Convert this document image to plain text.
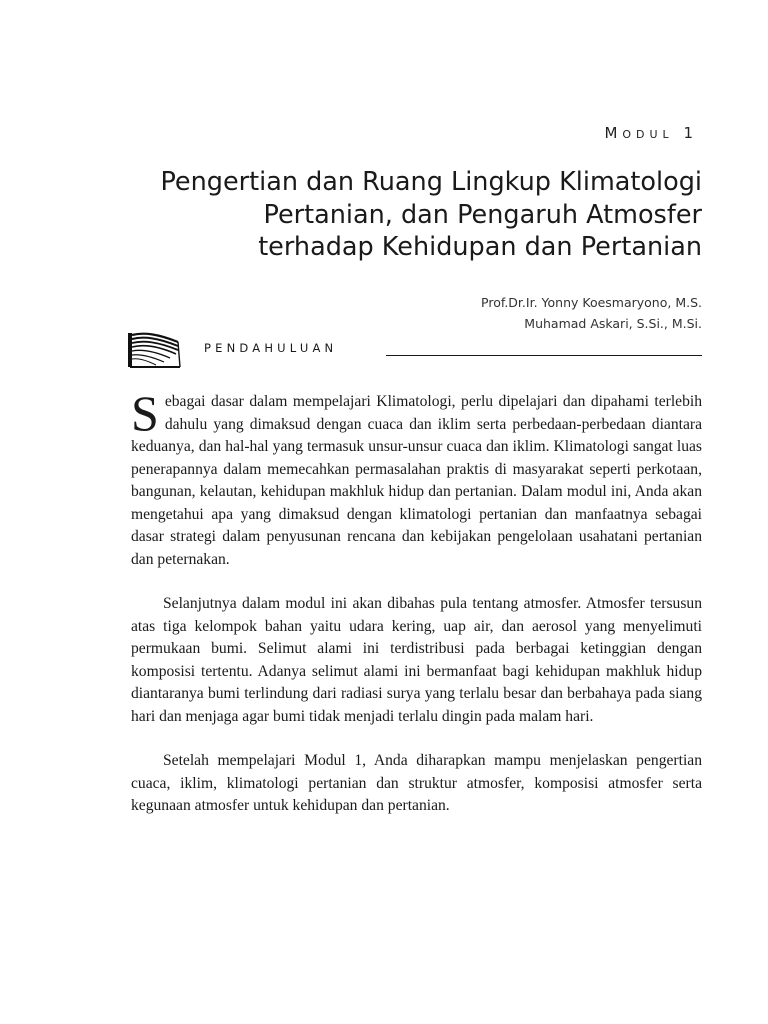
Modul 1
Pengertian dan Ruang Lingkup Klimatologi
Pertanian, dan Pengaruh Atmosfer
terhadap Kehidupan dan Pertanian
Prof.Dr.Ir. Yonny Koesmaryono, M.S.
Muhamad Askari, S.Si., M.Si.
PENDAHULUAN

Sebagai dasar dalam mempelajari Klimatologi, perlu dipelajari dan dipahami terlebih dahulu yang dimaksud dengan cuaca dan iklim serta perbedaan-perbedaan diantara keduanya, dan hal-hal yang termasuk unsur-unsur cuaca dan iklim. Klimatologi sangat luas penerapannya dalam memecahkan permasalahan praktis di masyarakat seperti perkotaan, bangunan, kelautan, kehidupan makhluk hidup dan pertanian. Dalam modul ini, Anda akan mengetahui apa yang dimaksud dengan klimatologi pertanian dan manfaatnya sebagai dasar strategi dalam penyusunan rencana dan kebijakan pengelolaan usahatani pertanian dan peternakan.

Selanjutnya dalam modul ini akan dibahas pula tentang atmosfer. Atmosfer tersusun atas tiga kelompok bahan yaitu udara kering, uap air, dan aerosol yang menyelimuti permukaan bumi. Selimut alami ini terdistribusi pada berbagai ketinggian dengan komposisi tertentu. Adanya selimut alami ini bermanfaat bagi kehidupan makhluk hidup diantaranya bumi terlindung dari radiasi surya yang terlalu besar dan berbahaya pada siang hari dan menjaga agar bumi tidak menjadi terlalu dingin pada malam hari.

Setelah mempelajari Modul 1, Anda diharapkan mampu menjelaskan pengertian cuaca, iklim, klimatologi pertanian dan struktur atmosfer, komposisi atmosfer serta kegunaan atmosfer untuk kehidupan dan pertanian.
